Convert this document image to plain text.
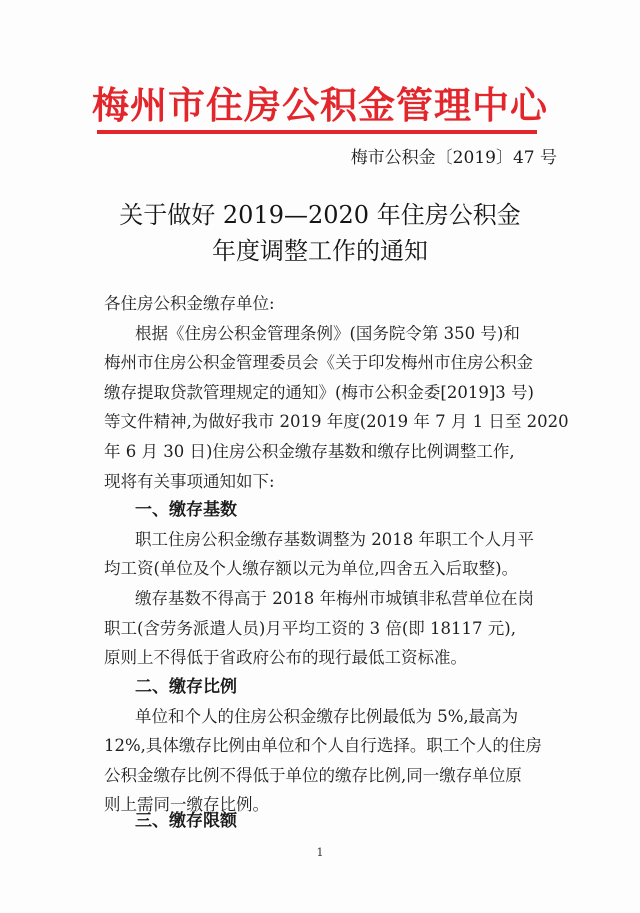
梅州市住房公积金管理中心
梅市公积金〔2019〕47 号
关于做好 2019—2020 年住房公积金
年度调整工作的通知
各住房公积金缴存单位:
根据《住房公积金管理条例》(国务院令第 350 号)和
梅州市住房公积金管理委员会《关于印发梅州市住房公积金
缴存提取贷款管理规定的通知》(梅市公积金委[2019]3 号)
等文件精神,为做好我市 2019 年度(2019 年 7 月 1 日至 2020
年 6 月 30 日)住房公积金缴存基数和缴存比例调整工作,
现将有关事项通知如下:
一、缴存基数
职工住房公积金缴存基数调整为 2018 年职工个人月平
均工资(单位及个人缴存额以元为单位,四舍五入后取整)。
缴存基数不得高于 2018 年梅州市城镇非私营单位在岗
职工(含劳务派遣人员)月平均工资的 3 倍(即 18117 元),
原则上不得低于省政府公布的现行最低工资标准。
二、缴存比例
单位和个人的住房公积金缴存比例最低为 5%,最高为
12%,具体缴存比例由单位和个人自行选择。职工个人的住房
公积金缴存比例不得低于单位的缴存比例,同一缴存单位原
则上需同一缴存比例。
1
三、缴存限额
